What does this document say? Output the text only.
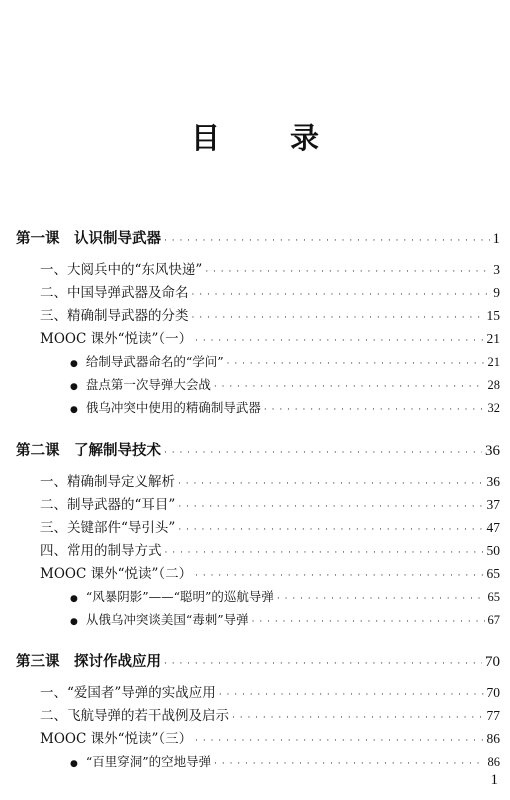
目 录
第一课　认识制导武器 · · ·	1
一、大阅兵中的“东风快递” · · ·	3
二、中国导弹武器及命名 · · ·	9
三、精确制导武器的分类 · · ·	15
MOOC 课外“悦读”（一） · · ·	21
● 给制导武器命名的“学问” · · ·	21
● 盘点第一次导弹大会战 · · ·	28
● 俄乌冲突中使用的精确制导武器 · · ·	32
第二课　了解制导技术 · · ·	36
一、精确制导定义解析 · · ·	36
二、制导武器的“耳目” · · ·	37
三、关键部件“导引头” · · ·	47
四、常用的制导方式 · · ·	50
MOOC 课外“悦读”（二） · · ·	65
● “风暴阴影”——“聪明”的巡航导弹 · · ·	65
● 从俄乌冲突谈美国“毒刺”导弹 · · ·	67
第三课　探讨作战应用 · · ·	70
一、“爱国者”导弹的实战应用 · · ·	70
二、飞航导弹的若干战例及启示 · · ·	77
MOOC 课外“悦读”（三） · · ·	86
● “百里穿洞”的空地导弹 · · ·	86
1
